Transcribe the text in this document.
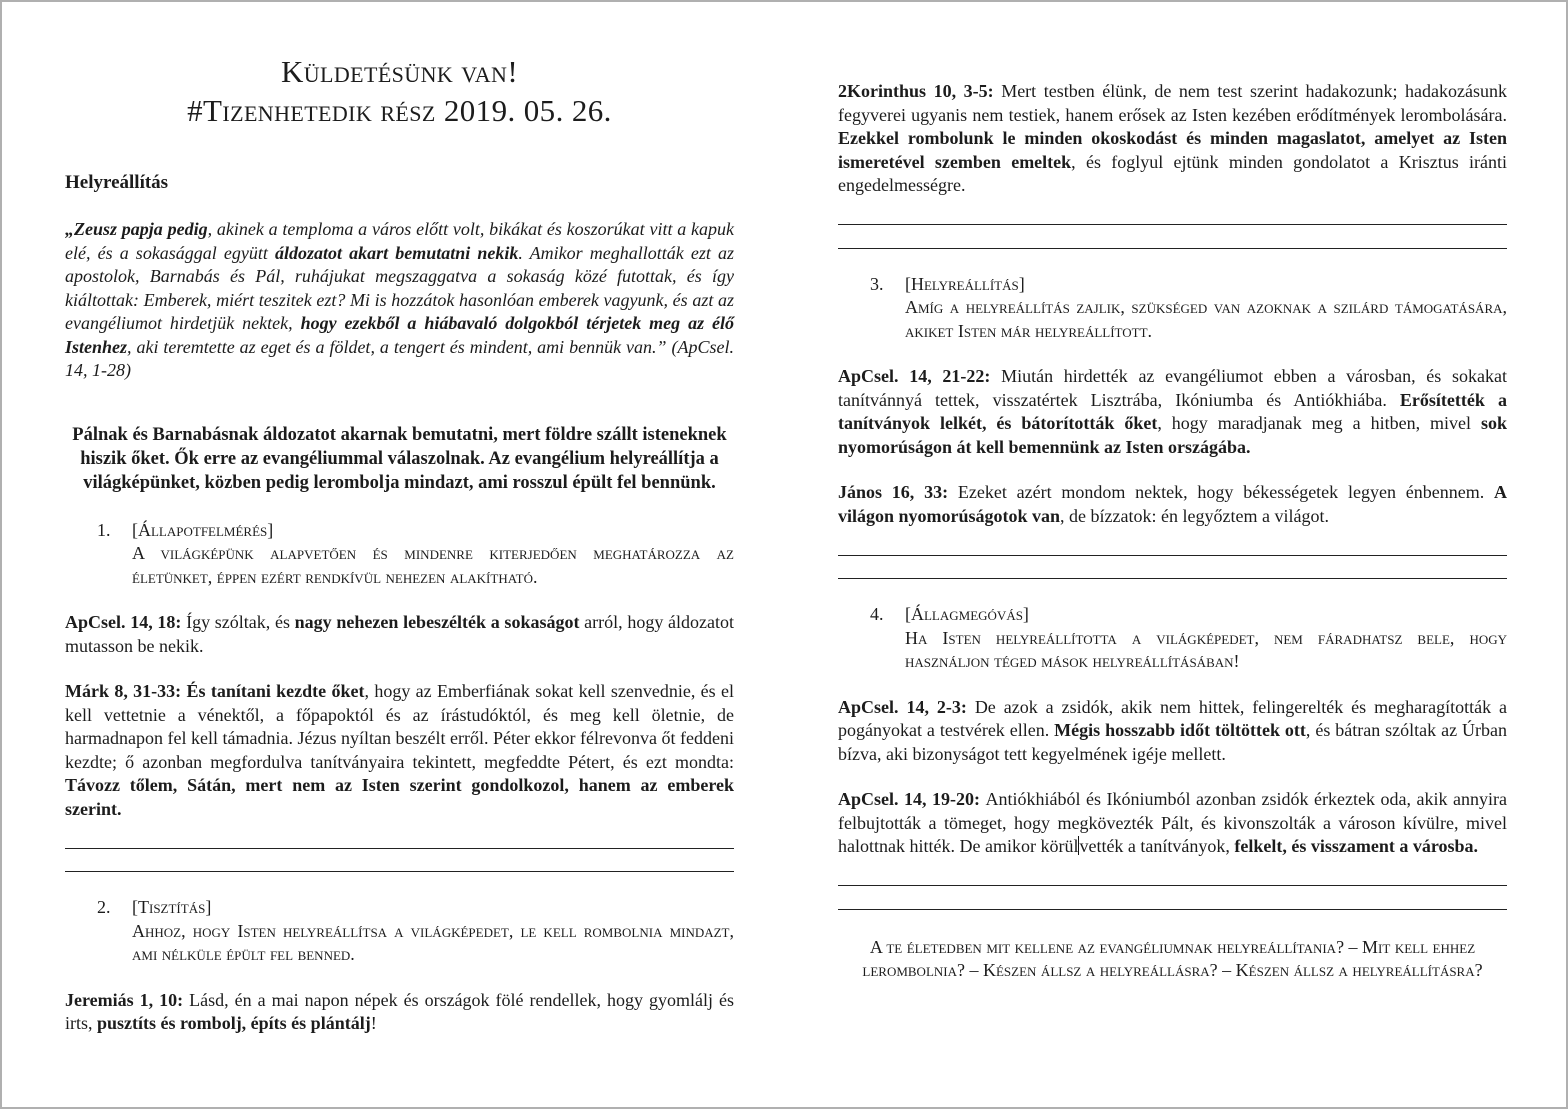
Küldetésünk van!
#Tizenhetedik rész 2019. 05. 26.
Helyreállítás

„Zeusz papja pedig, akinek a temploma a város előtt volt, bikákat és koszorúkat vitt a kapuk elé, és a sokasággal együtt áldozatot akart bemutatni nekik. Amikor meghallották ezt az apostolok, Barnabás és Pál, ruhájukat megszaggatva a sokaság közé futottak, és így kiáltottak: Emberek, miért teszitek ezt? Mi is hozzátok hasonlóan emberek vagyunk, és azt az evangéliumot hirdetjük nektek, hogy ezekből a hiábavaló dolgokból térjetek meg az élő Istenhez, aki teremtette az eget és a földet, a tengert és mindent, ami bennük van.” (ApCsel. 14, 1-28)

Pálnak és Barnabásnak áldozatot akarnak bemutatni, mert földre szállt isteneknek hiszik őket. Ők erre az evangéliummal válaszolnak. Az evangélium helyreállítja a világképünket, közben pedig lerombolja mindazt, ami rosszul épült fel bennünk.

1.	[Állapotfelmérés]
A világképünk alapvetően és mindenre kiterjedően meghatározza az életünket, éppen ezért rendkívül nehezen alakítható.

ApCsel. 14, 18: Így szóltak, és nagy nehezen lebeszélték a sokaságot arról, hogy áldozatot mutasson be nekik.

Márk 8, 31-33: És tanítani kezdte őket, hogy az Emberfiának sokat kell szenvednie, és el kell vettetnie a vénektől, a főpapoktól és az írástudóktól, és meg kell öletnie, de harmadnapon fel kell támadnia. Jézus nyíltan beszélt erről. Péter ekkor félrevonva őt feddeni kezdte; ő azonban megfordulva tanítványaira tekintett, megfeddte Pétert, és ezt mondta: Távozz tőlem, Sátán, mert nem az Isten szerint gondolkozol, hanem az emberek szerint.

2.	[Tisztítás]
Ahhoz, hogy Isten helyreállítsa a világképedet, le kell rombolnia mindazt, ami nélküle épült fel benned.

Jeremiás 1, 10: Lásd, én a mai napon népek és országok fölé rendellek, hogy gyomlálj és irts, pusztíts és rombolj, építs és plántálj!

2Korinthus 10, 3-5: Mert testben élünk, de nem test szerint hadakozunk; hadakozásunk fegyverei ugyanis nem testiek, hanem erősek az Isten kezében erődítmények lerombolására. Ezekkel rombolunk le minden okoskodást és minden magaslatot, amelyet az Isten ismeretével szemben emeltek, és foglyul ejtünk minden gondolatot a Krisztus iránti engedelmességre.

3.	[Helyreállítás]
Amíg a helyreállítás zajlik, szükséged van azoknak a szilárd támogatására, akiket Isten már helyreállított.

ApCsel. 14, 21-22: Miután hirdették az evangéliumot ebben a városban, és sokakat tanítvánnyá tettek, visszatértek Lisztrába, Ikóniumba és Antiókhiába. Erősítették a tanítványok lelkét, és bátorították őket, hogy maradjanak meg a hitben, mivel sok nyomorúságon át kell bemennünk az Isten országába.

János 16, 33: Ezeket azért mondom nektek, hogy békességetek legyen énbennem. A világon nyomorúságotok van, de bízzatok: én legyőztem a világot.

4.	[Állagmegóvás]
Ha Isten helyreállította a világképedet, nem fáradhatsz bele, hogy használjon téged mások helyreállításában!

ApCsel. 14, 2-3: De azok a zsidók, akik nem hittek, felingerelték és megharagították a pogányokat a testvérek ellen. Mégis hosszabb időt töltöttek ott, és bátran szóltak az Úrban bízva, aki bizonyságot tett kegyelmének igéje mellett.

ApCsel. 14, 19-20: Antiókhiából és Ikóniumból azonban zsidók érkeztek oda, akik annyira felbujtották a tömeget, hogy megkövezték Pált, és kivonszolták a városon kívülre, mivel halottnak hitték. De amikor körülvették a tanítványok, felkelt, és visszament a városba.

A te életedben mit kellene az evangéliumnak helyreállítania? – Mit kell ehhez lerombolnia? – Készen állsz a helyreállásra? – Készen állsz a helyreállításra?
